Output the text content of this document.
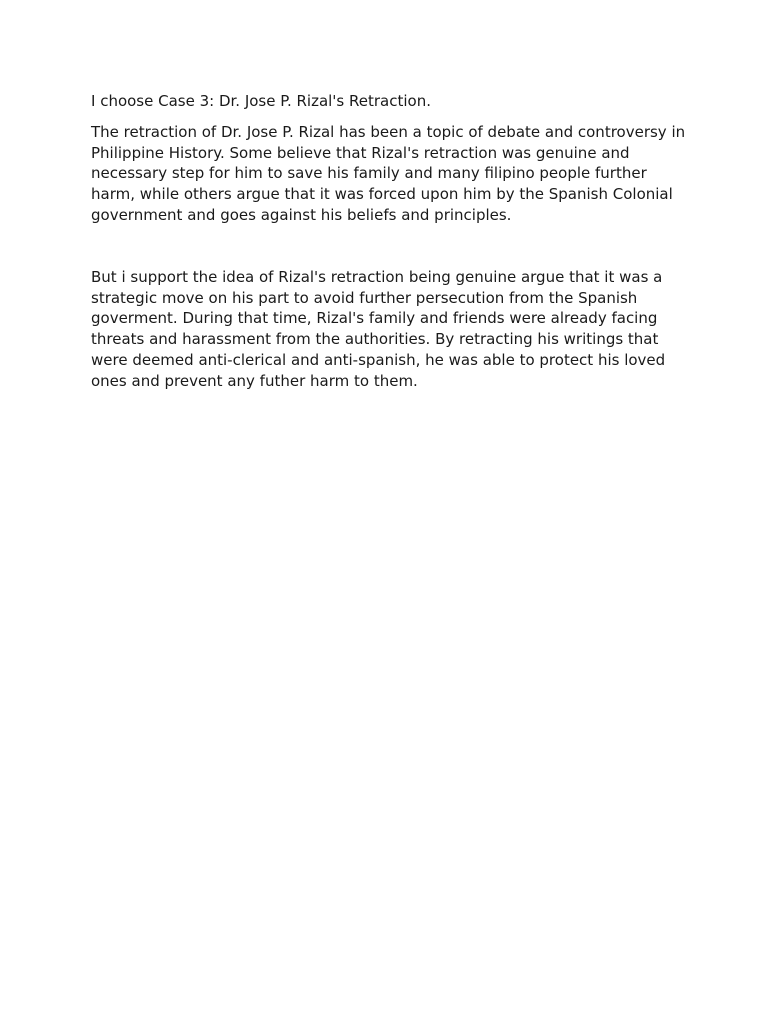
I choose Case 3: Dr. Jose P. Rizal's Retraction.

The retraction of Dr. Jose P. Rizal has been a topic of debate and controversy in Philippine History. Some believe that Rizal's retraction was genuine and necessary step for him to save his family and many filipino people further harm, while others argue that it was forced upon him by the Spanish Colonial government and goes against his beliefs and principles.

But i support the idea of Rizal's retraction being genuine argue that it was a strategic move on his part to avoid further persecution from the Spanish goverment. During that time, Rizal's family and friends were already facing threats and harassment from the authorities. By retracting his writings that were deemed anti-clerical and anti-spanish, he was able to protect his loved ones and prevent any futher harm to them.
